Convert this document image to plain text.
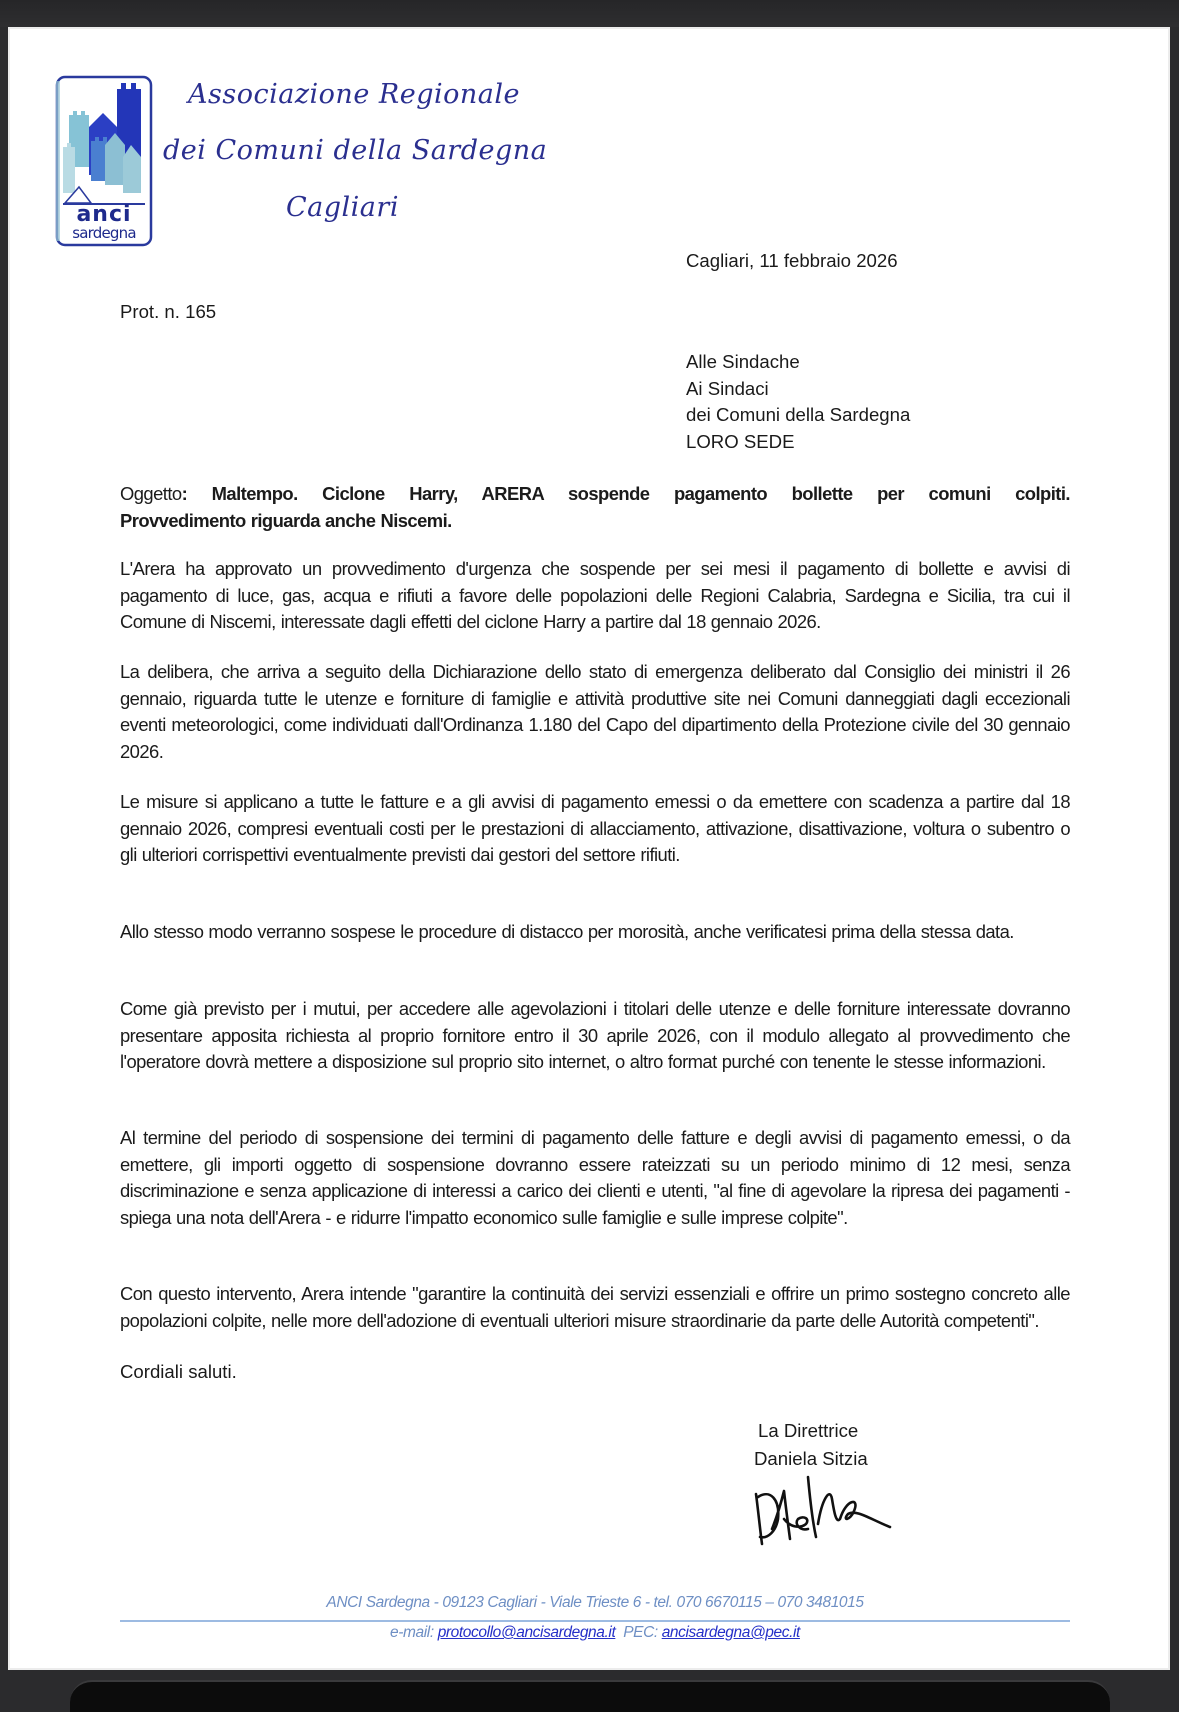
anci
sardegna
Associazione Regionale
dei Comuni della Sardegna
Cagliari
Cagliari, 11 febbraio 2026
Prot. n. 165
Alle Sindache
Ai Sindaci
dei Comuni della Sardegna
LORO SEDE
Oggetto: Maltempo. Ciclone Harry, ARERA sospende pagamento bollette per comuni colpiti.
Provvedimento riguarda anche Niscemi.
L'Arera ha approvato un provvedimento d'urgenza che sospende per sei mesi il pagamento di bollette e avvisi di pagamento di luce, gas, acqua e rifiuti a favore delle popolazioni delle Regioni Calabria, Sardegna e Sicilia, tra cui il Comune di Niscemi, interessate dagli effetti del ciclone Harry a partire dal 18 gennaio 2026.
La delibera, che arriva a seguito della Dichiarazione dello stato di emergenza deliberato dal Consiglio dei ministri il 26 gennaio, riguarda tutte le utenze e forniture di famiglie e attività produttive site nei Comuni danneggiati dagli eccezionali eventi meteorologici, come individuati dall'Ordinanza 1.180 del Capo del dipartimento della Protezione civile del 30 gennaio 2026.
Le misure si applicano a tutte le fatture e a gli avvisi di pagamento emessi o da emettere con scadenza a partire dal 18 gennaio 2026, compresi eventuali costi per le prestazioni di allacciamento, attivazione, disattivazione, voltura o subentro o gli ulteriori corrispettivi eventualmente previsti dai gestori del settore rifiuti.
Allo stesso modo verranno sospese le procedure di distacco per morosità, anche verificatesi prima della stessa data.
Come già previsto per i mutui, per accedere alle agevolazioni i titolari delle utenze e delle forniture interessate dovranno presentare apposita richiesta al proprio fornitore entro il 30 aprile 2026, con il modulo allegato al provvedimento che l'operatore dovrà mettere a disposizione sul proprio sito internet, o altro format purché con tenente le stesse informazioni.
Al termine del periodo di sospensione dei termini di pagamento delle fatture e degli avvisi di pagamento emessi, o da emettere, gli importi oggetto di sospensione dovranno essere rateizzati su un periodo minimo di 12 mesi, senza discriminazione e senza applicazione di interessi a carico dei clienti e utenti, "al fine di agevolare la ripresa dei pagamenti - spiega una nota dell'Arera - e ridurre l'impatto economico sulle famiglie e sulle imprese colpite".
Con questo intervento, Arera intende "garantire la continuità dei servizi essenziali e offrire un primo sostegno concreto alle popolazioni colpite, nelle more dell'adozione di eventuali ulteriori misure straordinarie da parte delle Autorità competenti".
Cordiali saluti.
La Direttrice
Daniela Sitzia
ANCI Sardegna - 09123 Cagliari - Viale Trieste 6 - tel. 070 6670115 – 070 3481015
e-mail: protocollo@ancisardegna.it PEC: ancisardegna@pec.it
